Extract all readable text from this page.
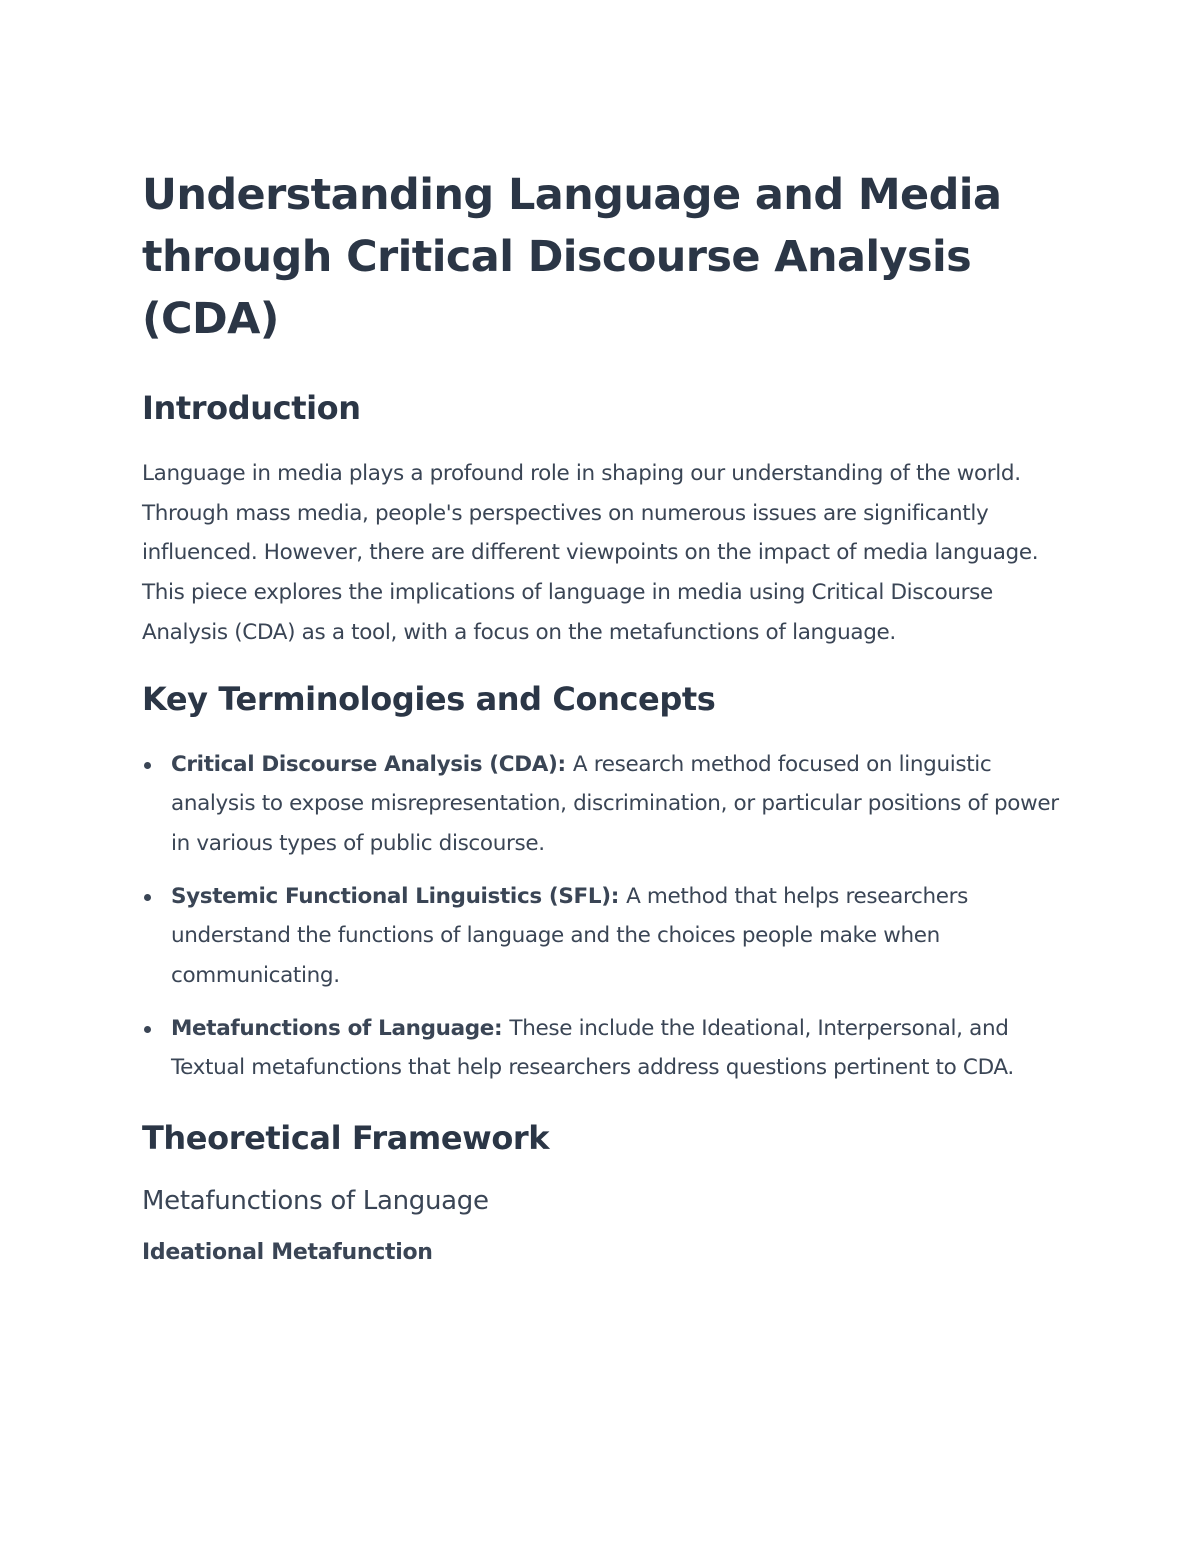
Understanding Language and Media through Critical Discourse Analysis (CDA)
Introduction

Language in media plays a profound role in shaping our understanding of the world. Through mass media, people's perspectives on numerous issues are significantly influenced. However, there are different viewpoints on the impact of media language. This piece explores the implications of language in media using Critical Discourse Analysis (CDA) as a tool, with a focus on the metafunctions of language.

Key Terminologies and Concepts
Critical Discourse Analysis (CDA): A research method focused on linguistic analysis to expose misrepresentation, discrimination, or particular positions of power in various types of public discourse.
Systemic Functional Linguistics (SFL): A method that helps researchers understand the functions of language and the choices people make when communicating.
Metafunctions of Language: These include the Ideational, Interpersonal, and Textual metafunctions that help researchers address questions pertinent to CDA.
Theoretical Framework
Metafunctions of Language
Ideational Metafunction
